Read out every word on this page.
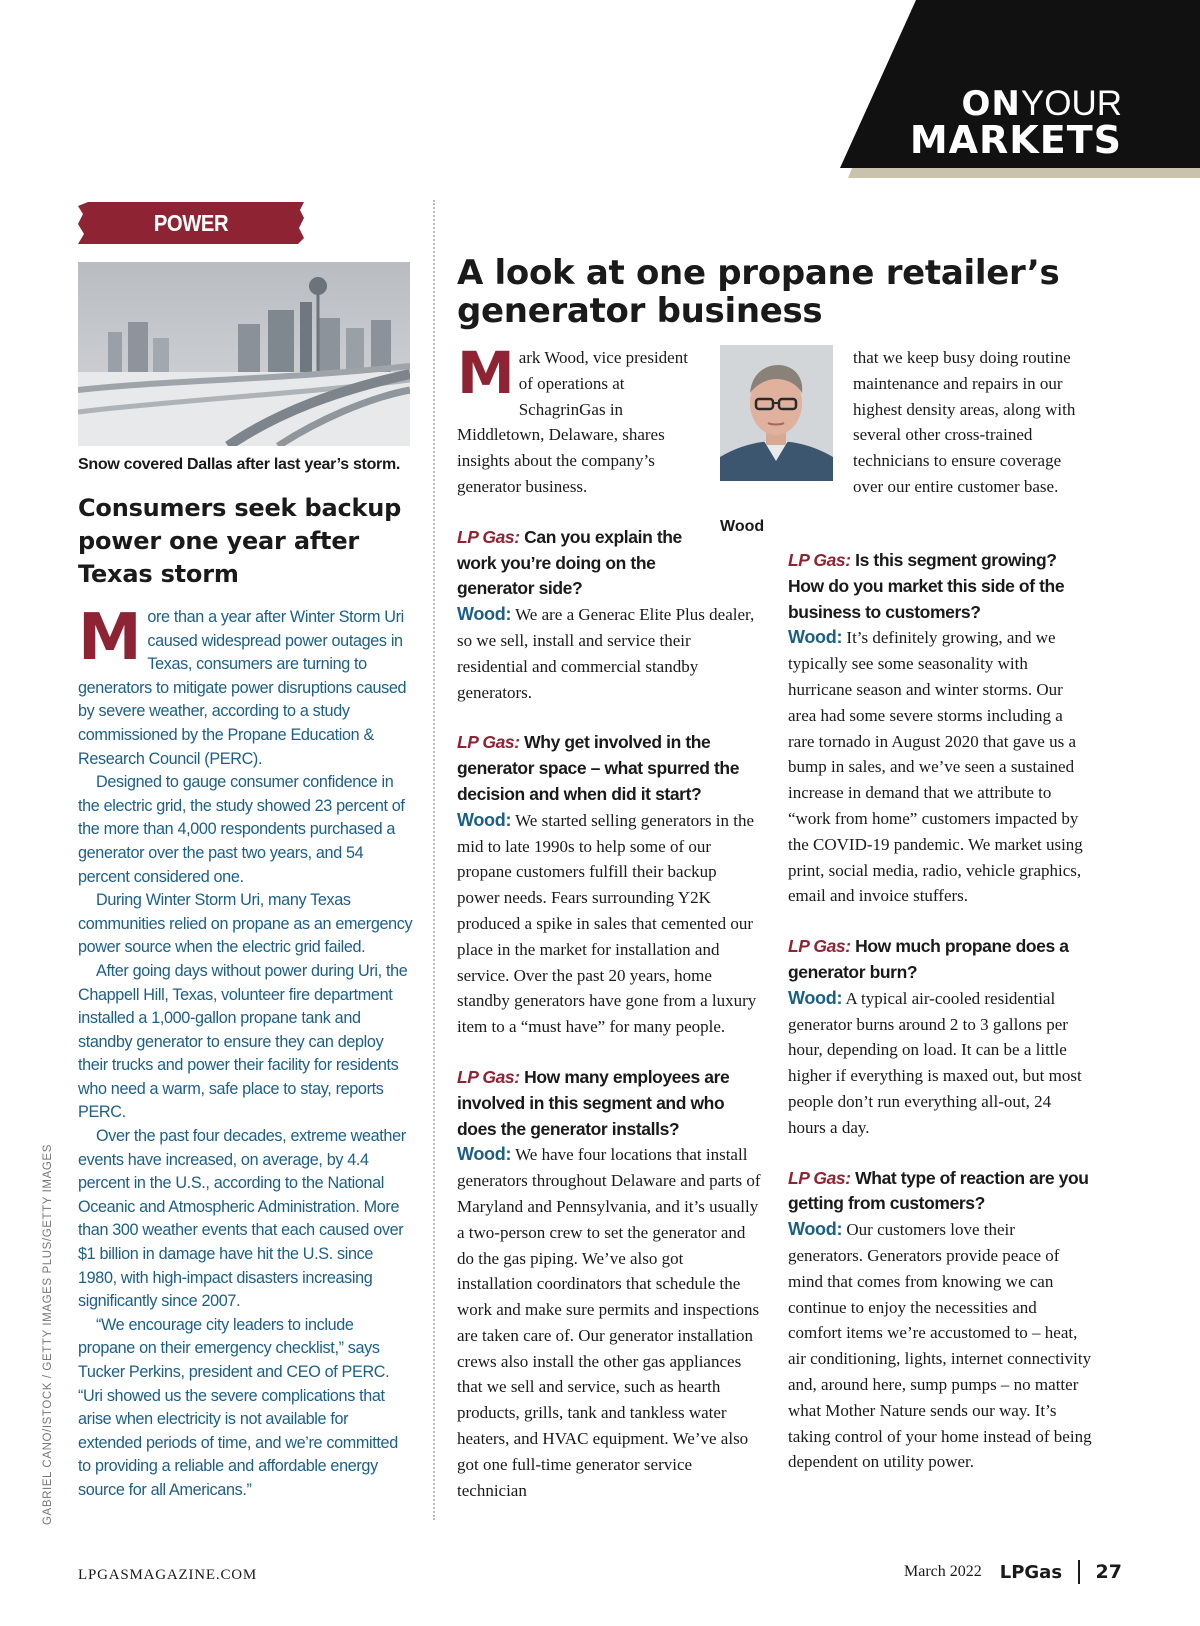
ONYOUR
MARKETS
POWER
Snow covered Dallas after last year’s storm.
Consumers seek backup power one year after Texas storm

More than a year after Winter Storm Uri caused widespread power outages in Texas, consumers are turning to generators to mitigate power disruptions caused by severe weather, according to a study commissioned by the Propane Education & Research Council (PERC).

Designed to gauge consumer confidence in the electric grid, the study showed 23 percent of the more than 4,000 respondents purchased a generator over the past two years, and 54 percent considered one.

During Winter Storm Uri, many Texas communities relied on propane as an emergency power source when the electric grid failed.

After going days without power during Uri, the Chappell Hill, Texas, volunteer fire department installed a 1,000-gallon propane tank and standby generator to ensure they can deploy their trucks and power their facility for residents who need a warm, safe place to stay, reports PERC.

Over the past four decades, extreme weather events have increased, on average, by 4.4 percent in the U.S., according to the National Oceanic and Atmospheric Administration. More than 300 weather events that each caused over $1 billion in damage have hit the U.S. since 1980, with high-impact disasters increasing significantly since 2007.

“We encourage city leaders to include propane on their emergency checklist,” says Tucker Perkins, president and CEO of PERC. “Uri showed us the severe complications that arise when electricity is not available for extended periods of time, and we’re committed to providing a reliable and affordable energy source for all Americans.”

GABRIEL CANO/ISTOCK / GETTY IMAGES PLUS/GETTY IMAGES
A look at one propane retailer’s generator business
Wood

Mark Wood, vice president of operations at SchagrinGas in Middletown, Delaware, shares insights about the company’s generator business.

LP Gas: Can you explain the work you’re doing on the generator side?

Wood: We are a Generac Elite Plus dealer, so we sell, install and service their residential and commercial standby generators.

LP Gas: Why get involved in the generator space – what spurred the decision and when did it start?

Wood: We started selling generators in the mid to late 1990s to help some of our propane customers fulfill their backup power needs. Fears surrounding Y2K produced a spike in sales that cemented our place in the market for installation and service. Over the past 20 years, home standby generators have gone from a luxury item to a “must have” for many people.

LP Gas: How many employees are involved in this segment and who does the generator installs?

Wood: We have four locations that install generators throughout Delaware and parts of Maryland and Pennsylvania, and it’s usually a two-person crew to set the generator and do the gas piping. We’ve also got installation coordinators that schedule the work and make sure permits and inspections are taken care of. Our generator installation crews also install the other gas appliances that we sell and service, such as hearth products, grills, tank and tankless water heaters, and HVAC equipment. We’ve also got one full-time generator service technician

that we keep busy doing routine maintenance and repairs in our highest density areas, along with several other cross-trained technicians to ensure coverage over our entire customer base.

LP Gas: Is this segment growing? How do you market this side of the business to customers?

Wood: It’s definitely growing, and we typically see some seasonality with hurricane season and winter storms. Our area had some severe storms including a rare tornado in August 2020 that gave us a bump in sales, and we’ve seen a sustained increase in demand that we attribute to “work from home” customers impacted by the COVID-19 pandemic. We market using print, social media, radio, vehicle graphics, email and invoice stuffers.

LP Gas: How much propane does a generator burn?

Wood: A typical air-cooled residential generator burns around 2 to 3 gallons per hour, depending on load. It can be a little higher if everything is maxed out, but most people don’t run everything all-out, 24 hours a day.

LP Gas: What type of reaction are you getting from customers?

Wood: Our customers love their generators. Generators provide peace of mind that comes from knowing we can continue to enjoy the necessities and comfort items we’re accustomed to – heat, air conditioning, lights, internet connectivity and, around here, sump pumps – no matter what Mother Nature sends our way. It’s taking control of your home instead of being dependent on utility power.

LPGASMAGAZINE.COM	March 2022 LPGas 27
